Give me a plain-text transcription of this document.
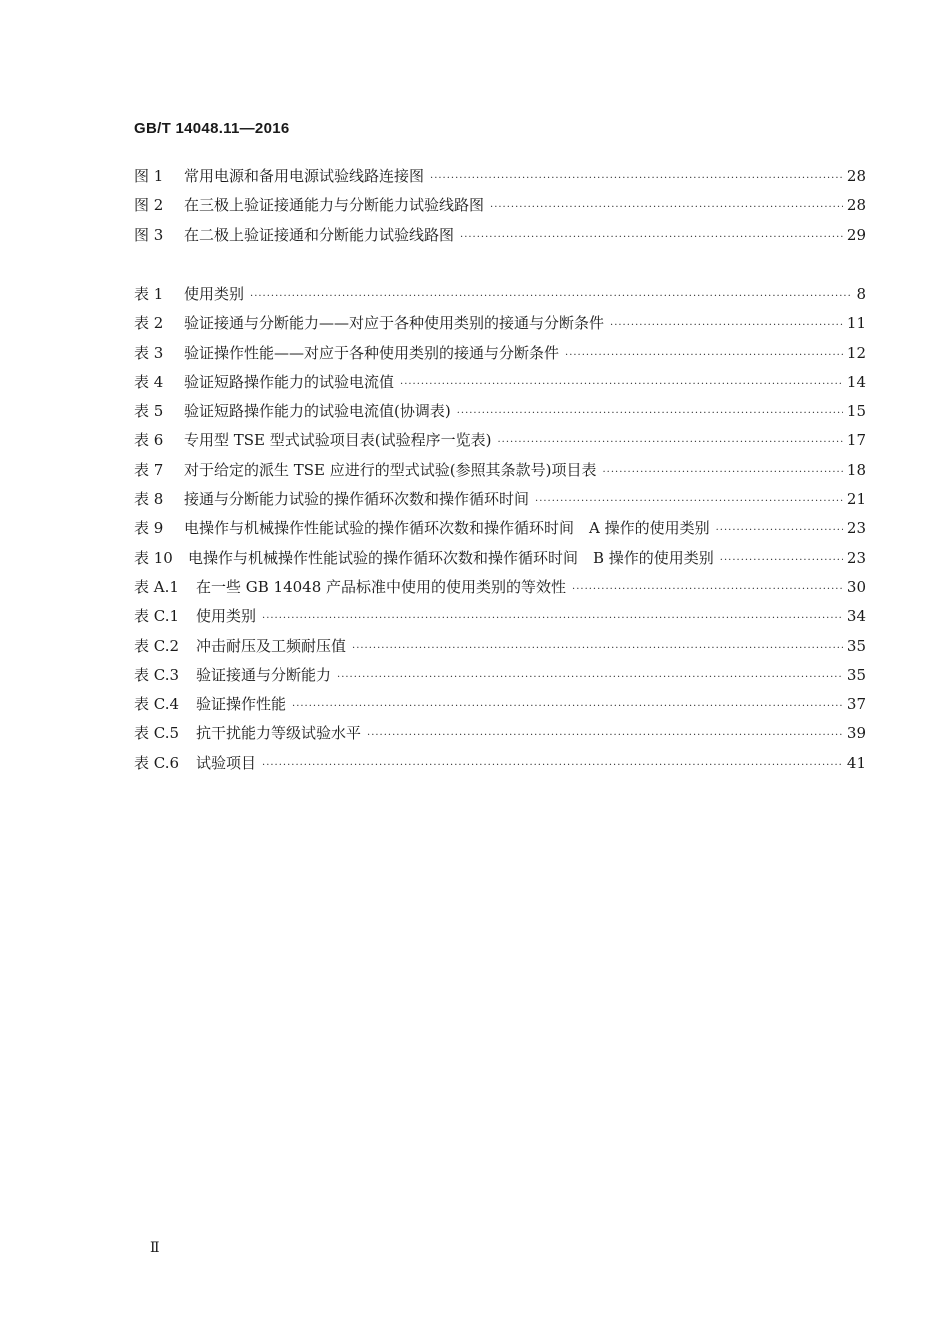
GB/T 14048.11—2016
图 1	常用电源和备用电源试验线路连接图 ·····	28
图 2	在三极上验证接通能力与分断能力试验线路图 ·····	28
图 3	在二极上验证接通和分断能力试验线路图 ·····	29
表 1	使用类别 ·····	8
表 2	验证接通与分断能力——对应于各种使用类别的接通与分断条件 ·····	11
表 3	验证操作性能——对应于各种使用类别的接通与分断条件 ·····	12
表 4	验证短路操作能力的试验电流值 ·····	14
表 5	验证短路操作能力的试验电流值(协调表) ·····	15
表 6	专用型 TSE 型式试验项目表(试验程序一览表) ·····	17
表 7	对于给定的派生 TSE 应进行的型式试验(参照其条款号)项目表 ·····	18
表 8	接通与分断能力试验的操作循环次数和操作循环时间 ·····	21
表 9	电操作与机械操作性能试验的操作循环次数和操作循环时间　A 操作的使用类别 ·····	23
表 10	电操作与机械操作性能试验的操作循环次数和操作循环时间　B 操作的使用类别 ·····	23
表 A.1	在一些 GB 14048 产品标准中使用的使用类别的等效性 ·····	30
表 C.1	使用类别 ·····	34
表 C.2	冲击耐压及工频耐压值 ·····	35
表 C.3	验证接通与分断能力 ·····	35
表 C.4	验证操作性能 ·····	37
表 C.5	抗干扰能力等级试验水平 ·····	39
表 C.6	试验项目 ·····	41
Ⅱ
